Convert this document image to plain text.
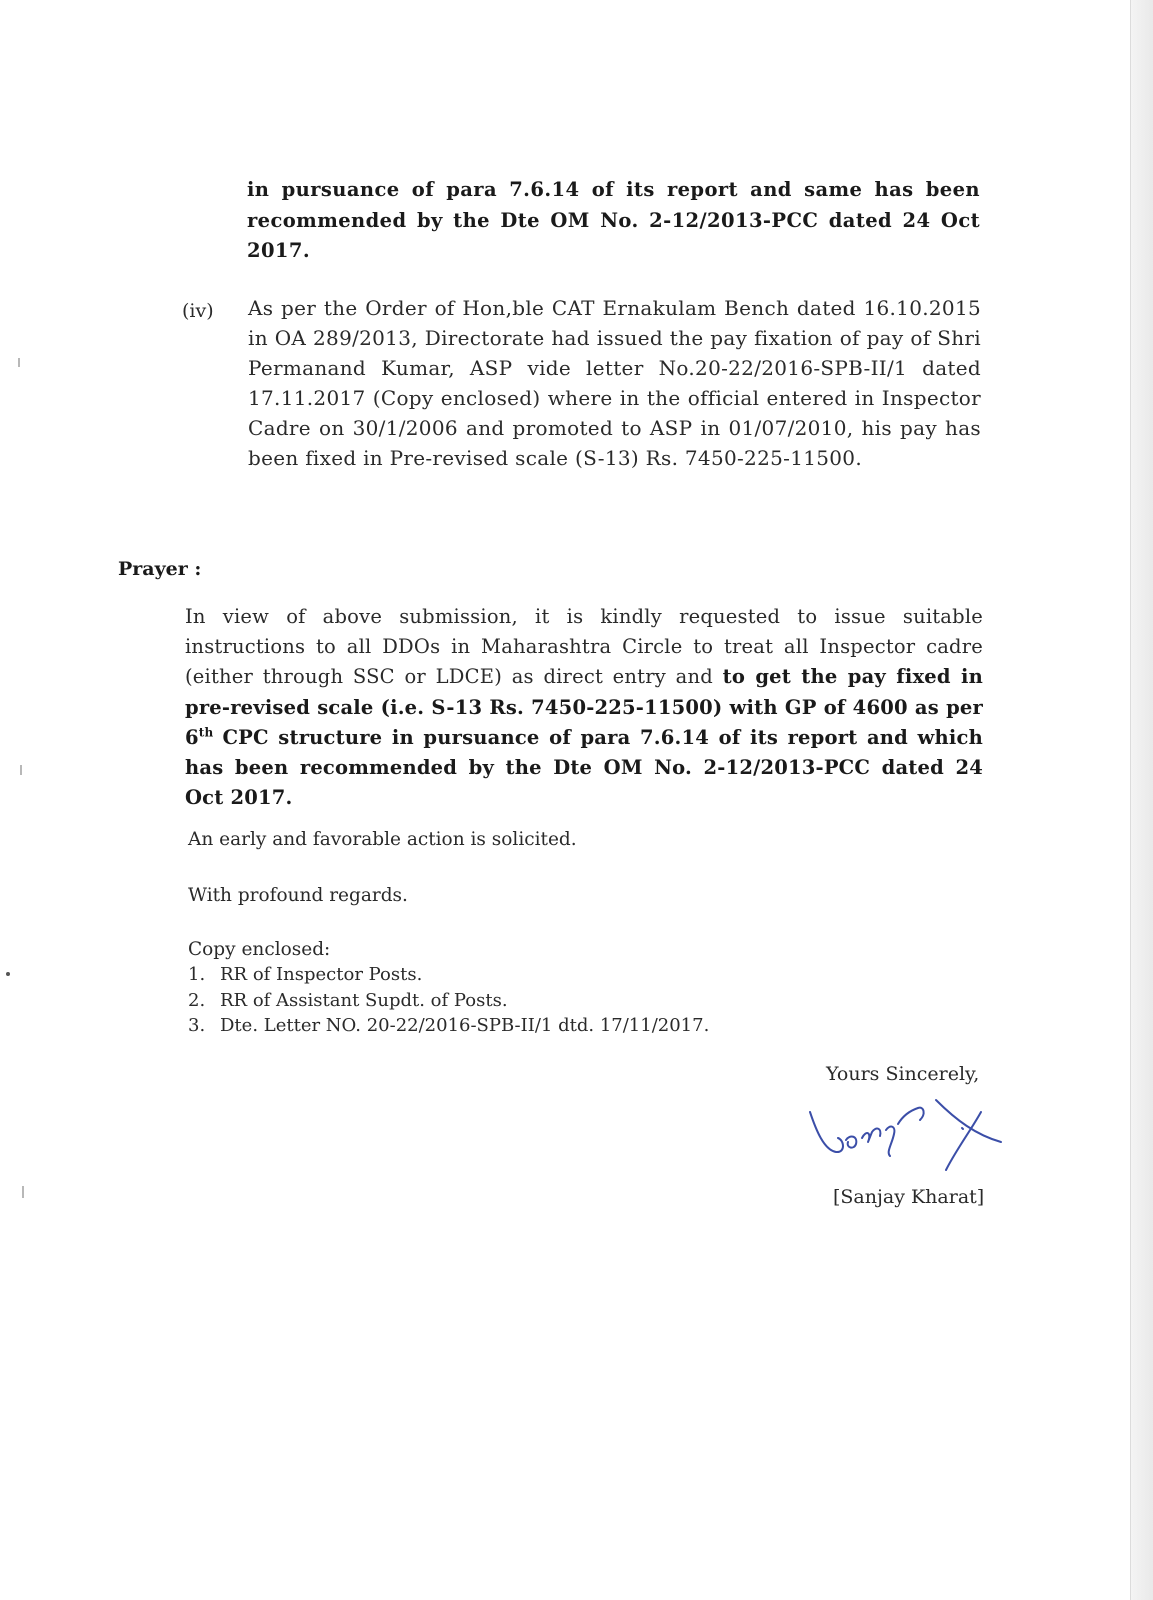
in pursuance of para 7.6.14 of its report and same has been recommended by the Dte OM No. 2-12/2013-PCC dated 24 Oct 2017.

(iv) As per the Order of Hon,ble CAT Ernakulam Bench dated 16.10.2015 in OA 289/2013, Directorate had issued the pay fixation of pay of Shri Permanand Kumar, ASP vide letter No.20-22/2016-SPB-II/1 dated 17.11.2017 (Copy enclosed) where in the official entered in Inspector Cadre on 30/1/2006 and promoted to ASP in 01/07/2010, his pay has been fixed in Pre-revised scale (S-13) Rs. 7450-225-11500.

Prayer :
In view of above submission, it is kindly requested to issue suitable instructions to all DDOs in Maharashtra Circle to treat all Inspector cadre (either through SSC or LDCE) as direct entry and to get the pay fixed in pre-revised scale (i.e. S-13 Rs. 7450-225-11500) with GP of 4600 as per 6th CPC structure in pursuance of para 7.6.14 of its report and which has been recommended by the Dte OM No. 2-12/2013-PCC dated 24 Oct 2017.
An early and favorable action is solicited.
With profound regards.
Copy enclosed:
1. RR of Inspector Posts.
2. RR of Assistant Supdt. of Posts.
3. Dte. Letter NO. 20-22/2016-SPB-II/1 dtd. 17/11/2017.
Yours Sincerely,
[Sanjay Kharat]
